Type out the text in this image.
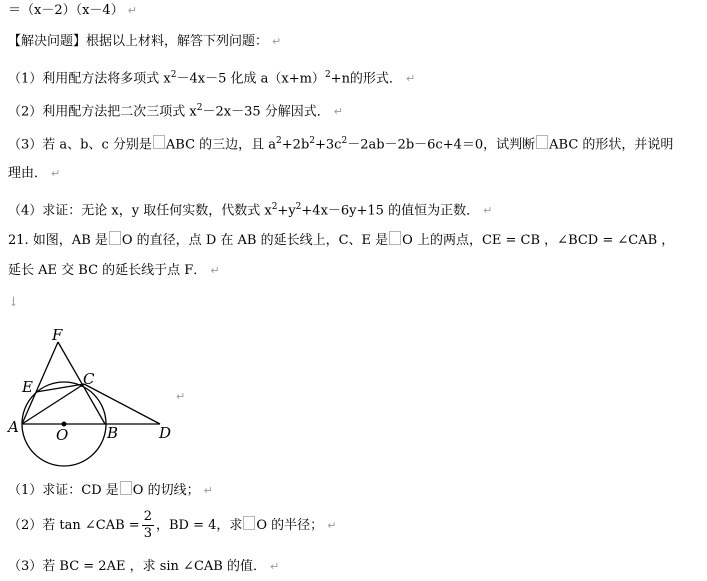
＝（x－2）（x－4） ↵
【解决问题】根据以上材料，解答下列问题： ↵
（1）利用配方法将多项式 $x^2-4x-5$ 化成 $a(x+m)^2+n$的形式． ↵
（2）利用配方法把二次三项式 $x^2-2x-35$ 分解因式． ↵
（3）若 a、b、c 分别是 ABC 的三边，且 $a^2+2b^2+3c^2-2ab-2b-6c+4=0$，试判断 ABC 的形状，并说明
理由． ↵
（4）求证：无论 x，y 取任何实数，代数式 $x^2+y^2+4x-6y+15$ 的值恒为正数． ↵
21. 如图，AB 是 O 的直径，点 D 在 AB 的延长线上，C、E 是 O 上的两点，CE = CB ，∠BCD = ∠CAB ，
延长 AE 交 BC 的延长线于点 F． ↵
↓
F
E	C
A O	B	D
↵
（1）求证：CD 是 O 的切线； ↵
（2）若 tan ∠CAB = $\frac{2}{3}$ ，BD = 4，求 O 的半径； ↵
（3）若 BC = 2AE ，求 sin ∠CAB 的值． ↵
